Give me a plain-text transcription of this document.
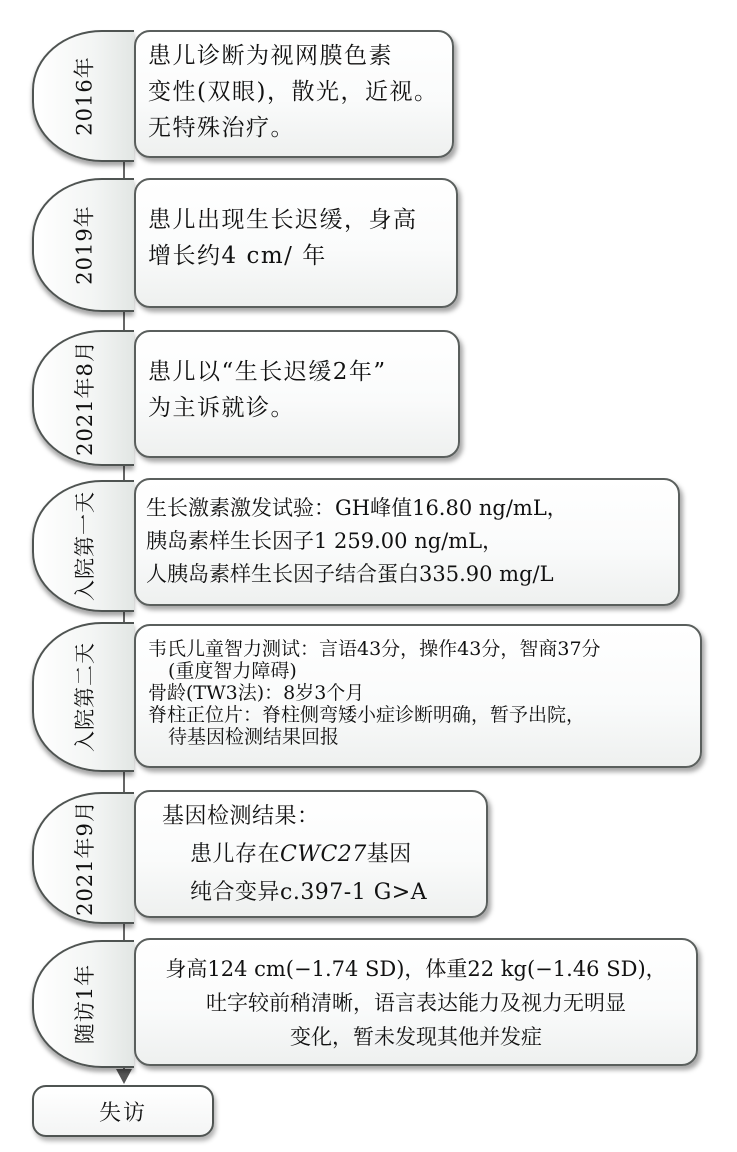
2016年
患儿诊断为视网膜色素
变性(双眼)，散光，近视。
无特殊治疗。
2019年 患儿出现生长迟缓，身高
增长约4 cm/ 年
2021年8月 患儿以“生长迟缓2年”
为主诉就诊。
入院第一天 生长激素激发试验：GH峰值16.80 ng/mL，
胰岛素样生长因子1 259.00 ng/mL，
人胰岛素样生长因子结合蛋白335.90 mg/L
入院第二天	韦氏儿童智力测试：言语43分，操作43分，智商37分
(重度智力障碍)
骨龄(TW3法)：8岁3个月
脊柱正位片：脊柱侧弯矮小症诊断明确，暂予出院，
待基因检测结果回报
2021年9月	基因检测结果：
患儿存在CWC27基因
纯合变异c.397-1 G>A
随访1年	身高124 cm(−1.74 SD)，体重22 kg(−1.46 SD)，
吐字较前稍清晰，语言表达能力及视力无明显
变化，暂未发现其他并发症
失访
